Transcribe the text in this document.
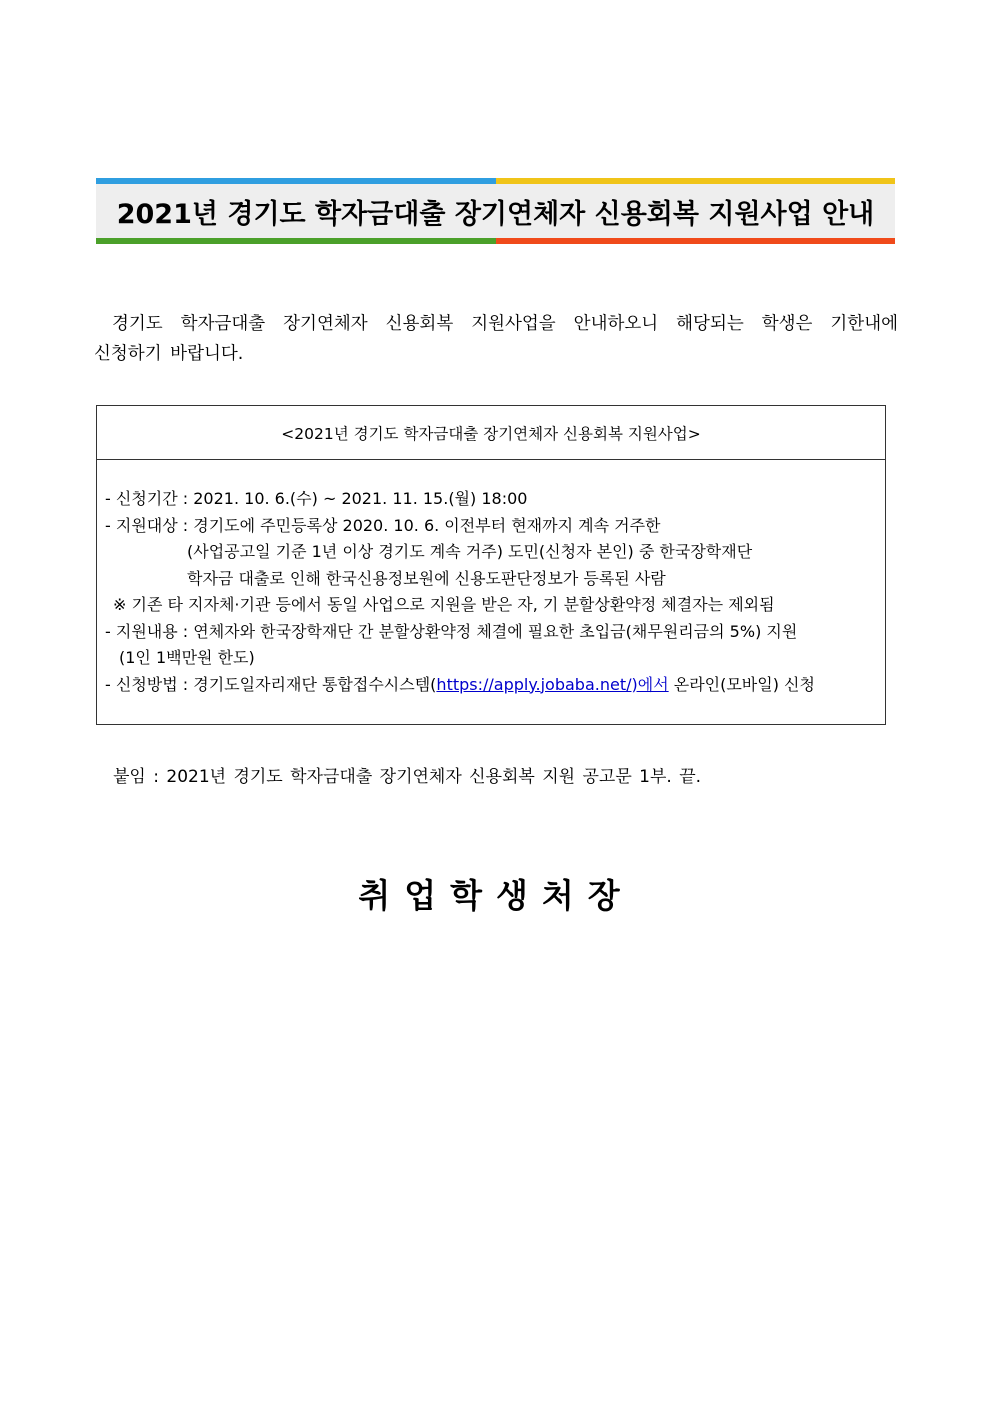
2021년 경기도 학자금대출 장기연체자 신용회복 지원사업 안내
경기도 학자금대출 장기연체자 신용회복 지원사업을 안내하오니 해당되는 학생은 기한내에
신청하기 바랍니다.
<2021년 경기도 학자금대출 장기연체자 신용회복 지원사업>
- 신청기간 : 2021. 10. 6.(수) ~ 2021. 11. 15.(월) 18:00
- 지원대상 : 경기도에 주민등록상 2020. 10. 6. 이전부터 현재까지 계속 거주한
(사업공고일 기준 1년 이상 경기도 계속 거주) 도민(신청자 본인) 중 한국장학재단
학자금 대출로 인해 한국신용정보원에 신용도판단정보가 등록된 사람
※ 기존 타 지자체·기관 등에서 동일 사업으로 지원을 받은 자, 기 분할상환약정 체결자는 제외됨
- 지원내용 : 연체자와 한국장학재단 간 분할상환약정 체결에 필요한 초입금(채무원리금의 5%) 지원
(1인 1백만원 한도)
- 신청방법 : 경기도일자리재단 통합접수시스템(https://apply.jobaba.net/)에서 온라인(모바일) 신청
붙임 : 2021년 경기도 학자금대출 장기연체자 신용회복 지원 공고문 1부. 끝.
취업학생처장
